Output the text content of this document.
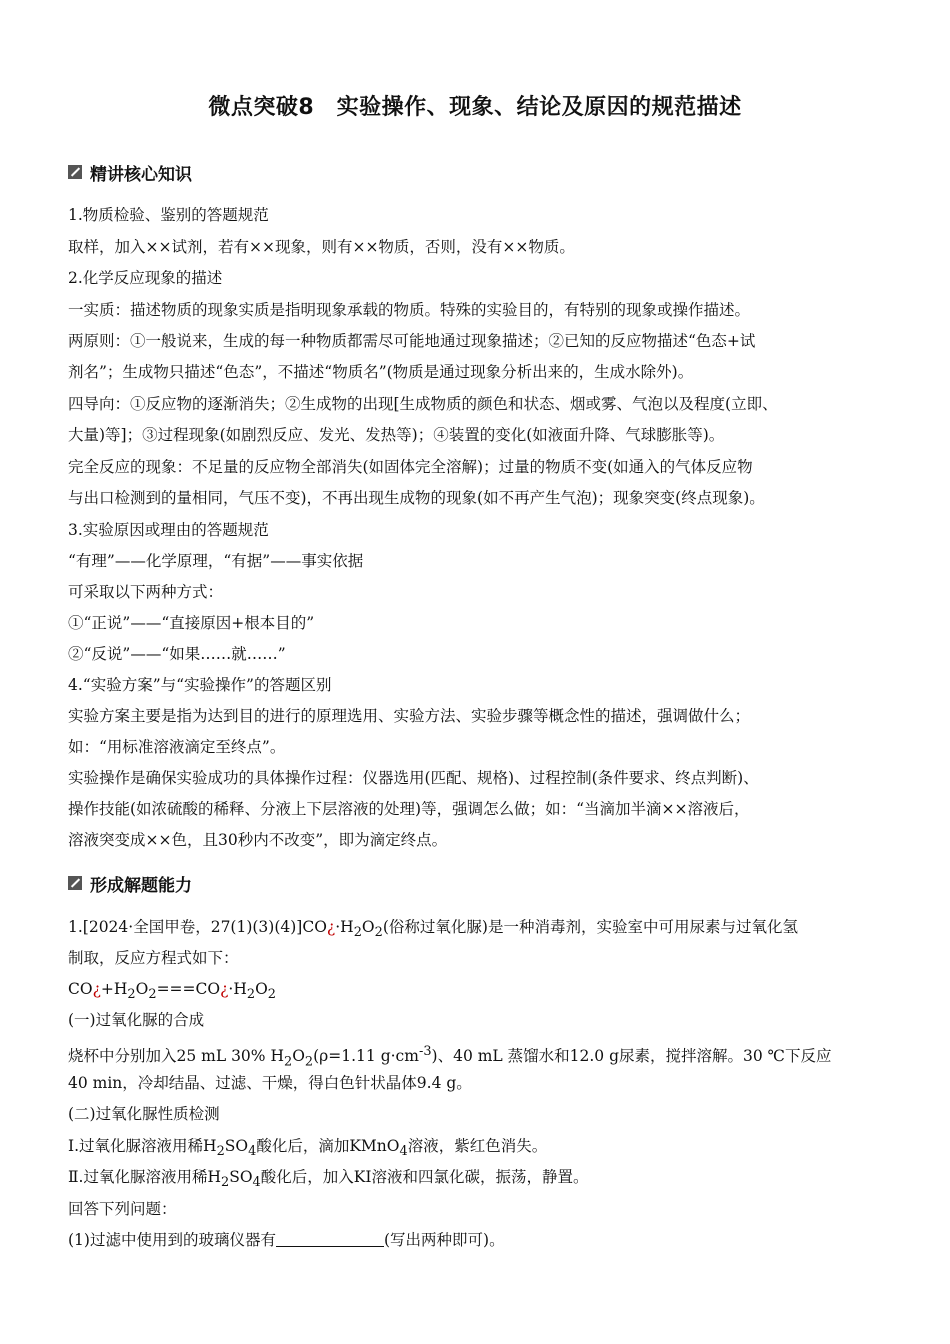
微点突破8　实验操作、现象、结论及原因的规范描述
精讲核心知识
1.物质检验、鉴别的答题规范
取样，加入××试剂，若有××现象，则有××物质，否则，没有××物质。
2.化学反应现象的描述
一实质：描述物质的现象实质是指明现象承载的物质。特殊的实验目的，有特别的现象或操作描述。
两原则：①一般说来，生成的每一种物质都需尽可能地通过现象描述；②已知的反应物描述“色态+试
剂名”；生成物只描述“色态”，不描述“物质名”(物质是通过现象分析出来的，生成水除外)。
四导向：①反应物的逐渐消失；②生成物的出现[生成物质的颜色和状态、烟或雾、气泡以及程度(立即、
大量)等]；③过程现象(如剧烈反应、发光、发热等)；④装置的变化(如液面升降、气球膨胀等)。
完全反应的现象：不足量的反应物全部消失(如固体完全溶解)；过量的物质不变(如通入的气体反应物
与出口检测到的量相同，气压不变)，不再出现生成物的现象(如不再产生气泡)；现象突变(终点现象)。
3.实验原因或理由的答题规范
“有理”——化学原理，“有据”——事实依据
可采取以下两种方式：
①“正说”——“直接原因+根本目的”
②“反说”——“如果……就……”
4.“实验方案”与“实验操作”的答题区别
实验方案主要是指为达到目的进行的原理选用、实验方法、实验步骤等概念性的描述，强调做什么；
如：“用标准溶液滴定至终点”。
实验操作是确保实验成功的具体操作过程：仪器选用(匹配、规格)、过程控制(条件要求、终点判断)、
操作技能(如浓硫酸的稀释、分液上下层溶液的处理)等，强调怎么做；如：“当滴加半滴××溶液后，
溶液突变成××色，且30秒内不改变”，即为滴定终点。
形成解题能力
1.[2024·全国甲卷，$27(1)(3)(4)]CO¿\cdot H_2O_2$(俗称过氧化脲)是一种消毒剂，实验室中可用尿素与过氧化氢
制取，反应方程式如下：
$CO¿+H_2O_2===CO¿\cdot H_2O_2$
(一)过氧化脲的合成
烧杯中分别加入25 mL 30% $H_2O_2(\rho=1.11$ $g\cdot cm^{-3}$)、40 mL 蒸馏水和12.0 g尿素，搅拌溶解。30 ℃下反应
40 min，冷却结晶、过滤、干燥，得白色针状晶体9.4 g。
(二)过氧化脲性质检测
Ⅰ.过氧化脲溶液用稀$H_2SO_4$酸化后，滴加KMnO$_4$溶液，紫红色消失。
Ⅱ.过氧化脲溶液用稀$H_2SO_4$酸化后，加入KI溶液和四氯化碳，振荡，静置。
回答下列问题：
(1)过滤中使用到的玻璃仪器有	(写出两种即可)。
